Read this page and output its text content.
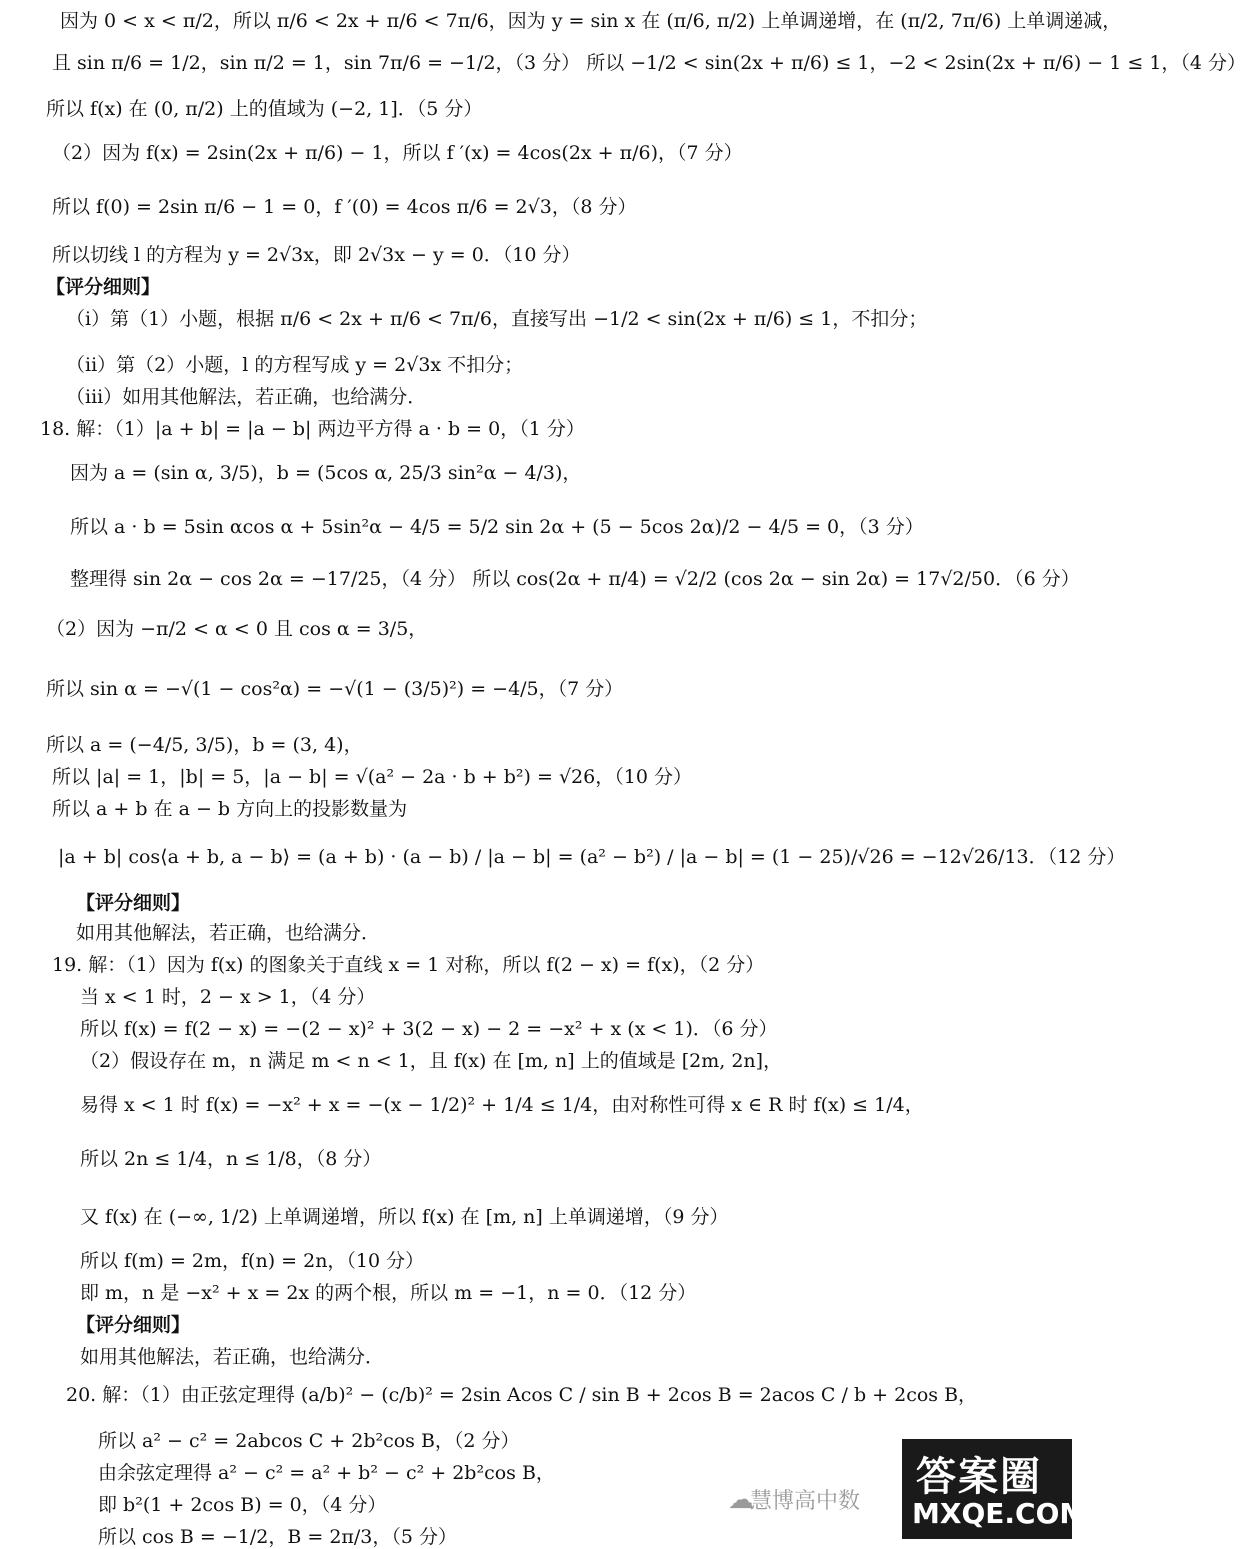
因为 0 < x < π/2，所以 π/6 < 2x + π/6 < 7π/6，因为 y = sin x 在 (π/6, π/2) 上单调递增，在 (π/2, 7π/6) 上单调递减，
且 sin π/6 = 1/2，sin π/2 = 1，sin 7π/6 = −1/2，（3 分） 所以 −1/2 < sin(2x + π/6) ≤ 1，−2 < 2sin(2x + π/6) − 1 ≤ 1，（4 分）
所以 f(x) 在 (0, π/2) 上的值域为 (−2, 1]．（5 分）
（2）因为 f(x) = 2sin(2x + π/6) − 1，所以 f ′(x) = 4cos(2x + π/6)，（7 分）
所以 f(0) = 2sin π/6 − 1 = 0，f ′(0) = 4cos π/6 = 2√3，（8 分）
所以切线 l 的方程为 y = 2√3x，即 2√3x − y = 0．（10 分）
【评分细则】
（i）第（1）小题，根据 π/6 < 2x + π/6 < 7π/6，直接写出 −1/2 < sin(2x + π/6) ≤ 1，不扣分；
（ii）第（2）小题，l 的方程写成 y = 2√3x 不扣分；
（iii）如用其他解法，若正确，也给满分．
18. 解：（1）|a + b| = |a − b| 两边平方得 a · b = 0，（1 分）
因为 a = (sin α, 3/5)，b = (5cos α, 25/3 sin²α − 4/3)，
所以 a · b = 5sin αcos α + 5sin²α − 4/5 = 5/2 sin 2α + (5 − 5cos 2α)/2 − 4/5 = 0，（3 分）
整理得 sin 2α − cos 2α = −17/25，（4 分） 所以 cos(2α + π/4) = √2/2 (cos 2α − sin 2α) = 17√2/50．（6 分）
（2）因为 −π/2 < α < 0 且 cos α = 3/5，
所以 sin α = −√(1 − cos²α) = −√(1 − (3/5)²) = −4/5，（7 分）
所以 a = (−4/5, 3/5)，b = (3, 4)，
所以 |a| = 1，|b| = 5，|a − b| = √(a² − 2a · b + b²) = √26，（10 分）
所以 a + b 在 a − b 方向上的投影数量为
|a + b| cos⟨a + b, a − b⟩ = (a + b) · (a − b) / |a − b| = (a² − b²) / |a − b| = (1 − 25)/√26 = −12√26/13．（12 分）
【评分细则】
如用其他解法，若正确，也给满分．
19. 解：（1）因为 f(x) 的图象关于直线 x = 1 对称，所以 f(2 − x) = f(x)，（2 分）
当 x < 1 时，2 − x > 1，（4 分）
所以 f(x) = f(2 − x) = −(2 − x)² + 3(2 − x) − 2 = −x² + x (x < 1)．（6 分）
（2）假设存在 m，n 满足 m < n < 1，且 f(x) 在 [m, n] 上的值域是 [2m, 2n]，
易得 x < 1 时 f(x) = −x² + x = −(x − 1/2)² + 1/4 ≤ 1/4，由对称性可得 x ∈ R 时 f(x) ≤ 1/4，
所以 2n ≤ 1/4，n ≤ 1/8，（8 分）
又 f(x) 在 (−∞, 1/2) 上单调递增，所以 f(x) 在 [m, n] 上单调递增，（9 分）
所以 f(m) = 2m，f(n) = 2n，（10 分）
即 m，n 是 −x² + x = 2x 的两个根，所以 m = −1，n = 0．（12 分）
【评分细则】
如用其他解法，若正确，也给满分．
20. 解：（1）由正弦定理得 (a/b)² − (c/b)² = 2sin Acos C / sin B + 2cos B = 2acos C / b + 2cos B，
所以 a² − c² = 2abcos C + 2b²cos B，（2 分）
由余弦定理得 a² − c² = a² + b² − c² + 2b²cos B，
即 b²(1 + 2cos B) = 0，（4 分）
所以 cos B = −1/2，B = 2π/3，（5 分）
☁
慧博高中数
答案圈
MXQE.COM
